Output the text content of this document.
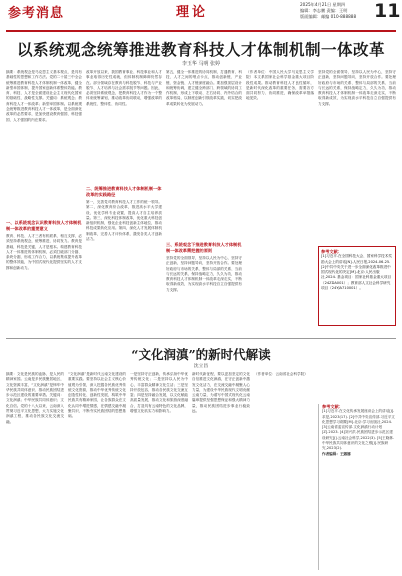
参考消息	理论
2025年4月21日 星期四
编辑：李志鹏 责编：王明
版面编辑：邮编 010-888888 11
以系统观念统筹推进教育科技人才体制机制一体改革
李玉华 马明 张婷
摘要：系统观念是马克思主义基本观点，是具有基础性的思想和工作方法。党的二十届三中全会统筹推进教育科技人才体制机制一体改革，健全新型举国体制，提升国家创新体系整体效能。教育、科技、人才是全面建设社会主义现代化国家的基础性、战略性支撑。关键词：系统观念；教育科技人才一体改革；新型举国体制。以系统观念统筹推进教育科技人才一体改革，是全面深化改革的必然要求，是加快建设教育强国、科技强国、人才强国的内在要求。
一、以系统观念认识教育科技人才体制机制一体改革的重要意义
教育、科技、人才三者有机联系、相互支撑，必须坚持系统观念，统筹推进，协同发力。教育是基础，科技是关键，人才是根本。构建教育科技人才一体推进的体制机制，必须打破部门分割、条块分割，形成工作合力，以系统集成提升改革的整体效能，为中国式现代化提供坚实的人才支撑和创新动力。
改革开放以来，我国教育事业、科技事业和人才事业取得历史性成就，但体制机制障碍仍然存在。部分领域存在教育与科技脱节、科技与产业脱节、人才培养与社会需求脱节等问题。因此，必须坚持系统观念，把教育科技人才作为一个整体来统筹谋划，推动改革协同联动，增强改革的系统性、整体性、协同性。
二、统筹推进教育科技人才体制机制一体改革的实践路径
第一，完善党对教育科技人才工作的统一领导。第二，深化教育综合改革，推进高水平大学建设，优化学科专业设置，提高人才自主培养质量。第三，深化科技体制改革，优化重大科技创新组织机制，强化企业科技创新主体地位，推动科技成果转化应用。第四，深化人才发展体制机制改革，完善人才评价体系，激发各类人才创新活力。
第五，健全一体推进的协同机制，打通教育、科技、人才之间的堵点卡点，推动创新链、产业链、资金链、人才链深度融合。要加强顶层设计和统筹协调，建立健全跨部门、跨领域的协同工作机制，形成上下联动、左右协同、内外结合的改革格局，以制度创新引领改革实践，切实把改革成果转化为发展动力。
三、系统观念下推进教育科技人才体制机制一体改革需把握的原则
坚持党的全面领导，坚持以人民为中心，坚持守正创新，坚持问题导向，坚持开放合作。要处理好政府与市场的关系、整体与局部的关系、当前与长远的关系，保持战略定力，久久为功，推动教育科技人才体制机制一体改革走深走实，不断取得新成效，为实现高水平科技自立自强提供有力支撑。
（作者单位：中国人民大学马克思主义学院）本文系国家社会科学基金重大项目阶段性成果。推动教育科技人才良性循环，是新时代深化改革的重要任务，需要各方面共同努力、协同推进，确保改革举措落地见效。
参考文献：
[1]习近平.在全国科技大会、国家科学技术奖励大会上的讲话[N].人民日报,2024-06-25. [2]中共中央关于进一步全面深化改革推进中国式现代化的决定[M].北京:人民出版社,2024. 基金项目：国家社科基金重大项目（24ZDA001）；教育部人文社会科学研究项目（24YJA710001）。
坚持党的全面领导，坚持以人民为中心，坚持守正创新，坚持问题导向，坚持开放合作。要处理好政府与市场的关系、整体与局部的关系、当前与长远的关系，保持战略定力，久久为功，推动教育科技人才体制机制一体改革走深走实，不断取得新成效，为实现高水平科技自立自强提供有力支撑。
“文化润滇”的新时代解读
沈立昌
摘要：文化是民族的血脉，是人民的精神家园。云南是多民族聚居地区，文化资源丰富，“文化润滇”是铸牢中华民族共同体意识、推动民族团结进步示范区建设的重要举措。关键词：文化润滇；中华民族共同体意识；文化自信。党的十八大以来，云南深入贯彻习近平文化思想，大力实施文化润滇工程，推动各民族文化交流交融。
“文化润滇”是新时代云南文化建设的重要实践。要坚持以社会主义核心价值观为引领，深入挖掘各民族优秀传统文化资源，推动中华优秀传统文化创造性转化、创新性发展，构筑中华民族共有精神家园，让各族群众在文化认同中增进情感，在情感交融中凝聚共识，不断夯实民族团结的思想基础。
一是坚持守正创新，传承弘扬中华优秀传统文化；二是坚持以人民为中心，丰富群众精神文化生活；三是坚持开放包容，推动各民族文化交流互鉴；四是坚持融合发展，以文化赋能高质量发展，推动文化和旅游深度融合，打造具有云南特色的文化品牌，增强文化软实力和影响力。
新时代新征程，要以更加坚定的文化自信推进文化润滇，在守正创新中激发文化活力，在交流交融中凝聚人心力量，为建设中华民族现代文明贡献云南力量，为谱写中国式现代化云南篇章提供坚强思想保证和强大精神力量，推动民族团结进步事业行稳致远。
（作者单位：云南省社会科学院）
参考文献：
[1]习近平.在文化传承发展座谈会上的讲话[J].求是,2023(17). [2]中共中央宣传部.习近平文化思想学习纲要[M].北京:学习出版社,2024. [3]云南省委宣传部.文化润滇行动计划[Z].2023. [4]刘兴洪.民族团结进步示范区建设研究[J].云南社会科学,2022(3). [5]王晓林.中华民族共同体意识的文化之维[J].民族研究,2023(2).
作者编辑：王娜娜
